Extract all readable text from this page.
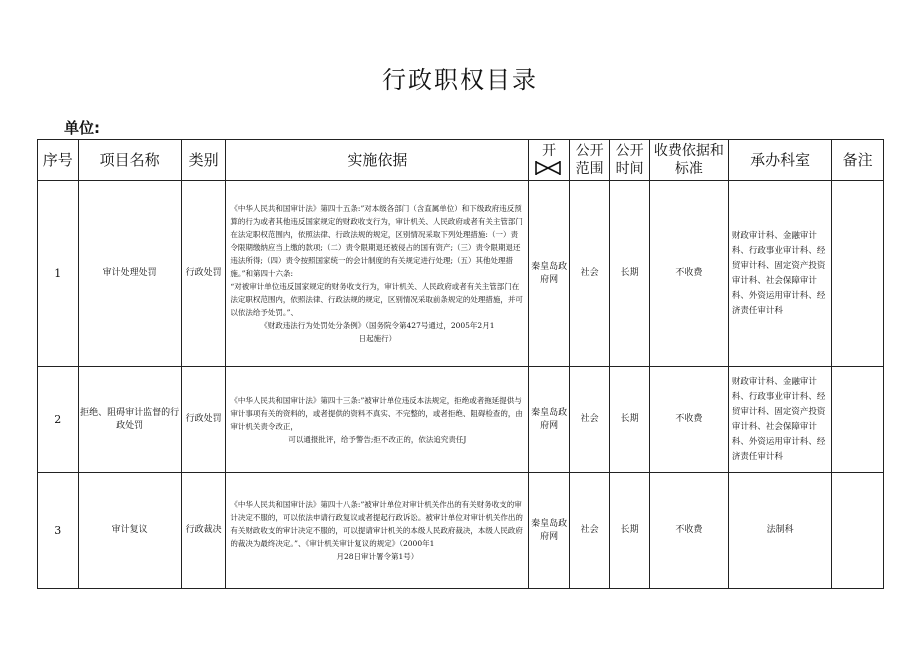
行政职权目录
单位:
序号	项目名称	类别	实施依据	开	公开范围	公开时间	收费依据和标准	承办科室	备注
1	审计处理处罚	行政处罚	《中华人民共和国审计法》第四十五条:”对本级各部门（含直属单位）和下级政府违反预算的行为或者其他违反国家规定的财政收支行为，审计机关、人民政府或者有关主管部门在法定职权范围内，依照法律、行政法规的规定，区别情况采取下列处理措施:（一）责令限期缴纳应当上缴的款项;（二）责令限期退还被侵占的国有资产;（三）责令限期退还违法所得;（四）责令按照国家统一的会计制度的有关规定进行处理;（五）其他处理措施。”和第四十六条:

“对被审计单位违反国家规定的财务收支行为，审计机关、人民政府或者有关主管部门在法定职权范围内，依照法律、行政法规的规定，区别情况采取前条规定的处理措施，并可以依法给予处罚。”、

《财政违法行为处罚处分条例》（国务院令第427号通过，2005年2月1

日起施行）	秦皇岛政府网	社会	长期	不收费	财政审计科、金融审计科、行政事业审计科、经贸审计科、固定资产投资审计科、社会保障审计科、外资运用审计科、经济责任审计科	
2	拒绝、阻碍审计监督的行政处罚	行政处罚	《中华人民共和国审计法》第四十三条:”被审计单位违反本法规定，拒绝或者拖延提供与审计事项有关的资料的，或者提供的资料不真实、不完整的，或者拒绝、阻碍检查的，由审计机关责令改正，

可以通报批评，给予警告;拒不改正的，依法追究责任J	秦皇岛政府网	社会	长期	不收费	财政审计科、金融审计科、行政事业审计科、经贸审计科、固定资产投资审计科、社会保障审计科、外资运用审计科、经济责任审计科	
3	审计复议	行政裁决	《中华人民共和国审计法》第四十八条:”被审计单位对审计机关作出的有关财务收支的审计决定不服的，可以依法申请行政复议或者提起行政诉讼。被审计单位对审计机关作出的有关财政收支的审计决定不服的，可以提请审计机关的本级人民政府裁决，本级人民政府的裁决为最终决定。”、《审计机关审计复议的规定》（2000年1

月28日审计署令第1号）	秦皇岛政府网	社会	长期	不收费	法制科	
